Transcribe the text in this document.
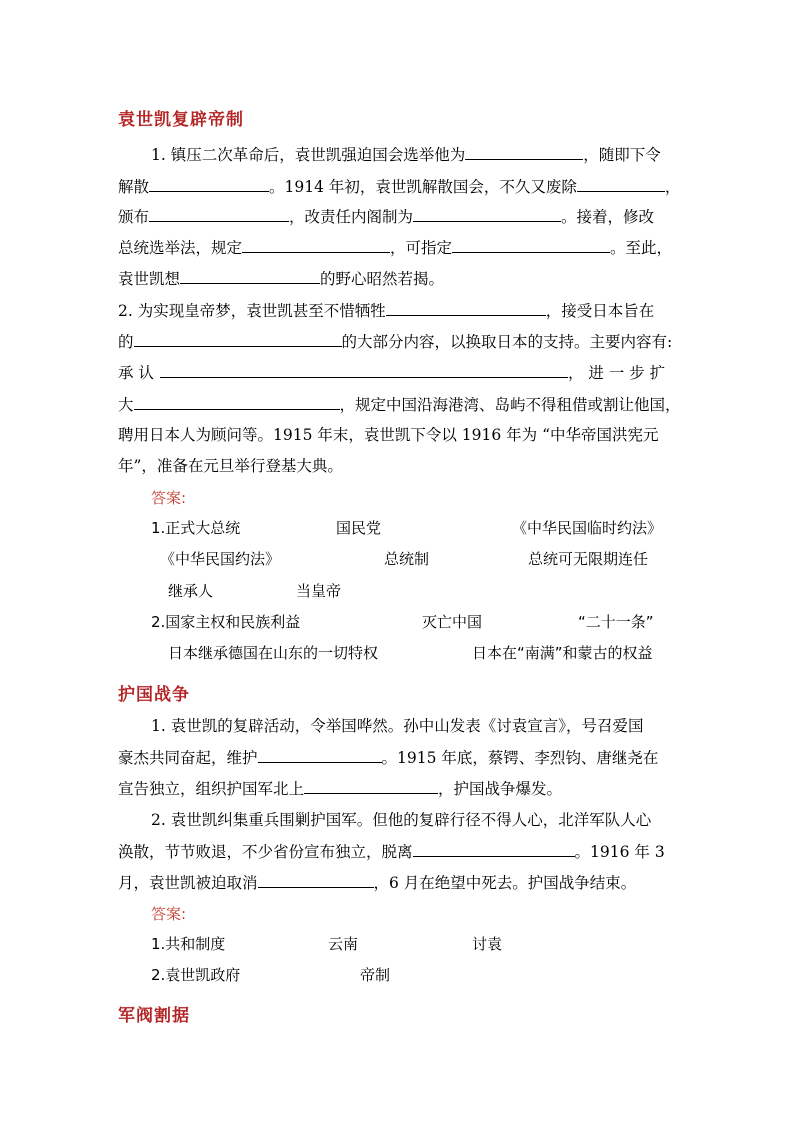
袁世凯复辟帝制
1. 镇压二次革命后，袁世凯强迫国会选举他为	，随即下令
解散	。1914 年初，袁世凯解散国会，不久又废除	，
颁布	，改责任内阁制为	。接着，修改
总统选举法，规定	，可指定	。至此，
袁世凯想	的野心昭然若揭。
2. 为实现皇帝梦，袁世凯甚至不惜牺牲	，接受日本旨在
的	的大部分内容，以换取日本的支持。主要内容有:
承 认	， 进 一 步 扩
大	，规定中国沿海港湾、岛屿不得租借或割让他国，
聘用日本人为顾问等。1915 年末，袁世凯下令以 1916 年为 “中华帝国洪宪元
年”，准备在元旦举行登基大典。
答案:
1.正式大总统	国民党	《中华民国临时约法》
《中华民国约法》	总统制	总统可无限期连任
继承人	当皇帝
2.国家主权和民族利益	灭亡中国	“二十一条”
日本继承德国在山东的一切特权	日本在“南满”和蒙古的权益
护国战争
1. 袁世凯的复辟活动，令举国哗然。孙中山发表《讨袁宣言》，号召爱国
豪杰共同奋起，维护	。1915 年底，蔡锷、李烈钧、唐继尧在
宣告独立，组织护国军北上	，护国战争爆发。
2. 袁世凯纠集重兵围剿护国军。但他的复辟行径不得人心，北洋军队人心
涣散，节节败退，不少省份宣布独立，脱离	。1916 年 3
月，袁世凯被迫取消	，6 月在绝望中死去。护国战争结束。
答案:
1.共和制度	云南	讨袁
2.袁世凯政府	帝制
军阀割据
